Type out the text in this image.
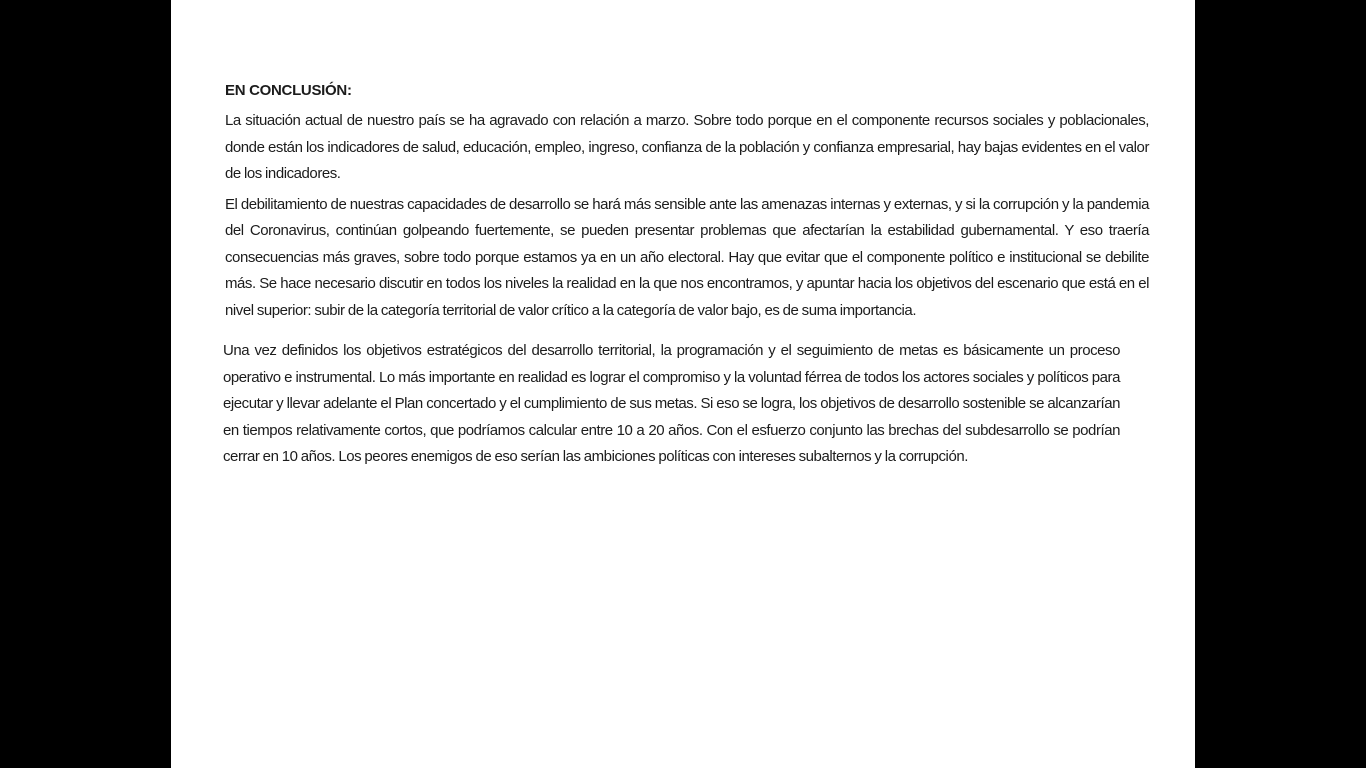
EN CONCLUSIÓN:

La situación actual de nuestro país se ha agravado con relación a marzo. Sobre todo porque en el componente recursos sociales y poblacionales, donde están los indicadores de salud, educación, empleo, ingreso, confianza de la población y confianza empresarial, hay bajas evidentes en el valor de los indicadores.

El debilitamiento de nuestras capacidades de desarrollo se hará más sensible ante las amenazas internas y externas, y si la corrupción y la pandemia del Coronavirus, continúan golpeando fuertemente, se pueden presentar problemas que afectarían la estabilidad gubernamental. Y eso traería consecuencias más graves, sobre todo porque estamos ya en un año electoral. Hay que evitar que el componente político e institucional se debilite más. Se hace necesario discutir en todos los niveles la realidad en la que nos encontramos, y apuntar hacia los objetivos del escenario que está en el nivel superior: subir de la categoría territorial de valor crítico a la categoría de valor bajo, es de suma importancia.

Una vez definidos los objetivos estratégicos del desarrollo territorial, la programación y el seguimiento de metas es básicamente un proceso operativo e instrumental. Lo más importante en realidad es lograr el compromiso y la voluntad férrea de todos los actores sociales y políticos para ejecutar y llevar adelante el Plan concertado y el cumplimiento de sus metas. Si eso se logra, los objetivos de desarrollo sostenible se alcanzarían en tiempos relativamente cortos, que podríamos calcular entre 10 a 20 años. Con el esfuerzo conjunto las brechas del subdesarrollo se podrían cerrar en 10 años. Los peores enemigos de eso serían las ambiciones políticas con intereses subalternos y la corrupción.
